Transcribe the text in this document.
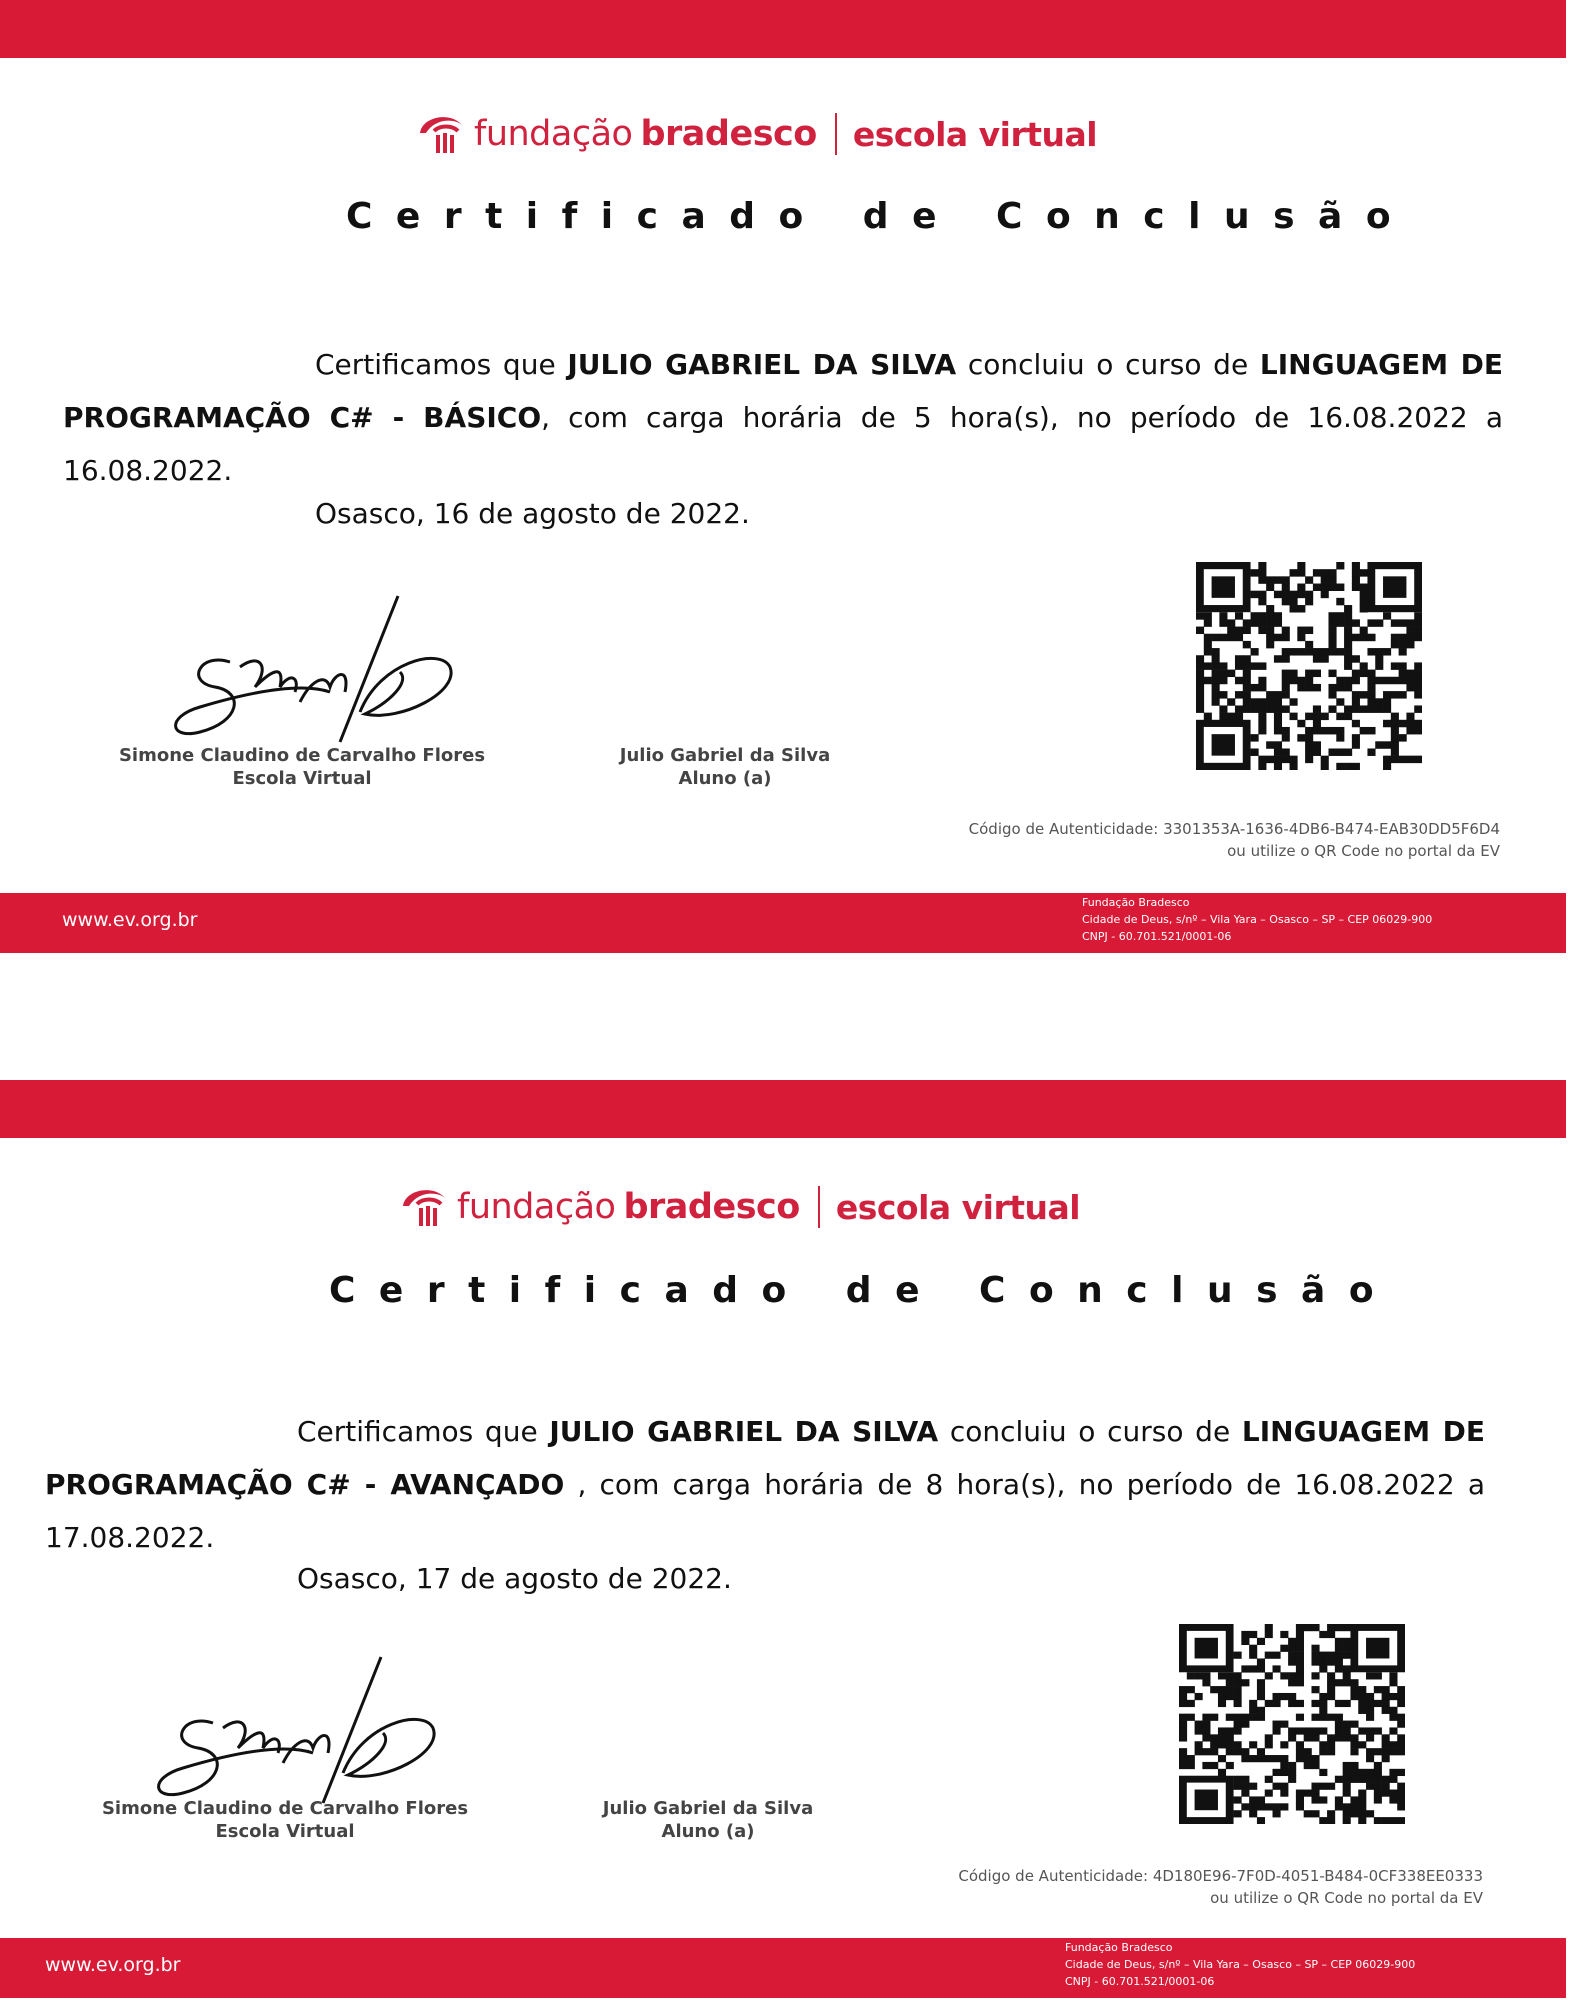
fundação bradesco escola virtual
Certificado de Conclusão
Certificamos que JULIO GABRIEL DA SILVA concluiu o curso de LINGUAGEM DE PROGRAMAÇÃO C# - BÁSICO, com carga horária de 5 hora(s), no período de 16.08.2022 a 16.08.2022.
Osasco, 16 de agosto de 2022.
Simone Claudino de Carvalho Flores
Escola Virtual
Julio Gabriel da Silva
Aluno (a)
Código de Autenticidade: 3301353A-1636-4DB6-B474-EAB30DD5F6D4
ou utilize o QR Code no portal da EV
www.ev.org.br
Fundação Bradesco
Cidade de Deus, s/nº – Vila Yara – Osasco – SP – CEP 06029-900
CNPJ - 60.701.521/0001-06
fundação bradesco escola virtual
Certificado de Conclusão
Certificamos que JULIO GABRIEL DA SILVA concluiu o curso de LINGUAGEM DE PROGRAMAÇÃO C# - AVANÇADO , com carga horária de 8 hora(s), no período de 16.08.2022 a 17.08.2022.
Osasco, 17 de agosto de 2022.
Simone Claudino de Carvalho Flores
Escola Virtual
Julio Gabriel da Silva
Aluno (a)
Código de Autenticidade: 4D180E96-7F0D-4051-B484-0CF338EE0333
ou utilize o QR Code no portal da EV
www.ev.org.br
Fundação Bradesco
Cidade de Deus, s/nº – Vila Yara – Osasco – SP – CEP 06029-900
CNPJ - 60.701.521/0001-06
